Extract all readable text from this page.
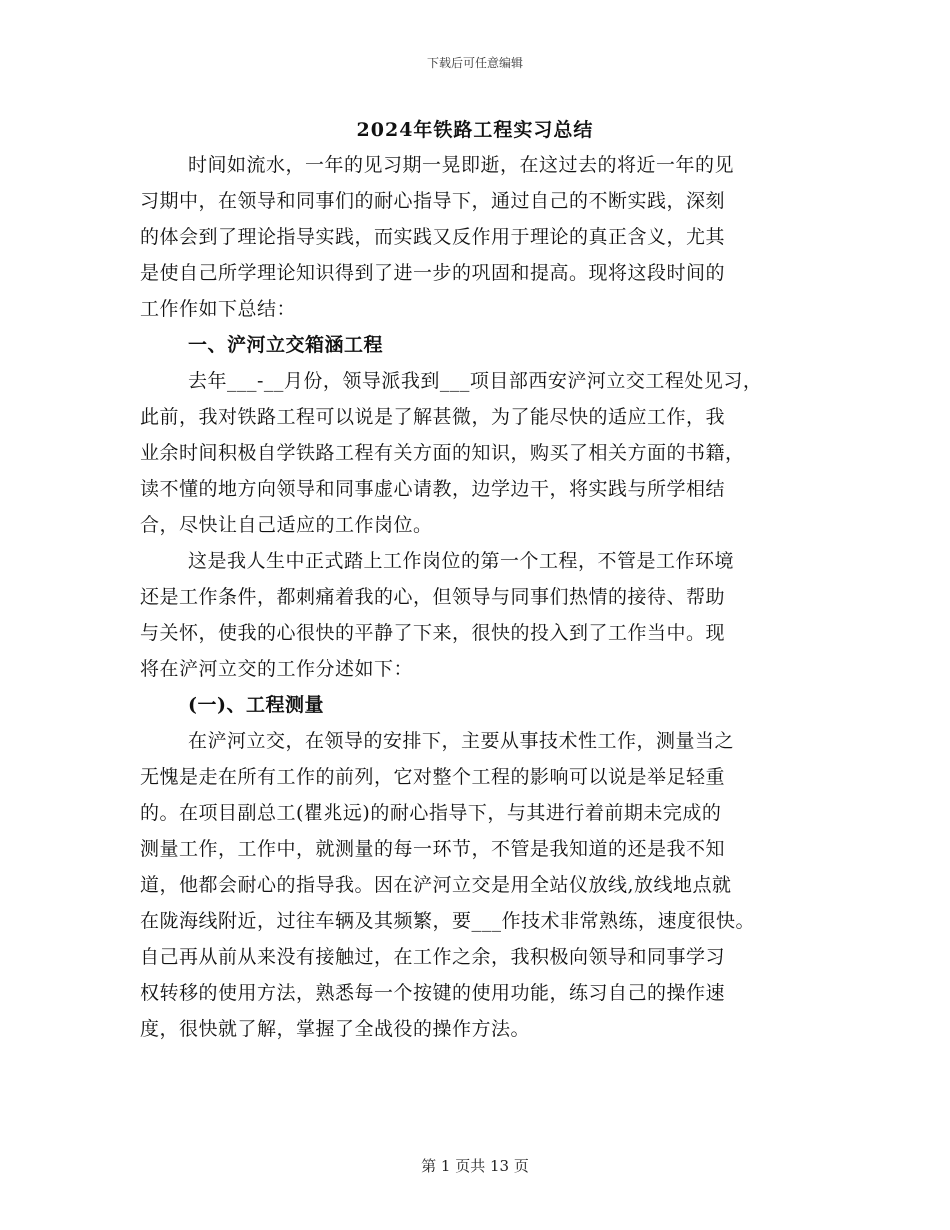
下载后可任意编辑
2024年铁路工程实习总结
时间如流水，一年的见习期一晃即逝，在这过去的将近一年的见
习期中，在领导和同事们的耐心指导下，通过自己的不断实践，深刻
的体会到了理论指导实践，而实践又反作用于理论的真正含义，尤其
是使自己所学理论知识得到了进一步的巩固和提高。现将这段时间的
工作作如下总结：
一、浐河立交箱涵工程
去年___-__月份，领导派我到___项目部西安浐河立交工程处见习，
此前，我对铁路工程可以说是了解甚微，为了能尽快的适应工作，我
业余时间积极自学铁路工程有关方面的知识，购买了相关方面的书籍，
读不懂的地方向领导和同事虚心请教，边学边干，将实践与所学相结
合，尽快让自己适应的工作岗位。
这是我人生中正式踏上工作岗位的第一个工程，不管是工作环境
还是工作条件，都刺痛着我的心，但领导与同事们热情的接待、帮助
与关怀，使我的心很快的平静了下来，很快的投入到了工作当中。现
将在浐河立交的工作分述如下：
(一)、工程测量
在浐河立交，在领导的安排下，主要从事技术性工作，测量当之
无愧是走在所有工作的前列，它对整个工程的影响可以说是举足轻重
的。在项目副总工(瞿兆远)的耐心指导下，与其进行着前期未完成的
测量工作，工作中，就测量的每一环节，不管是我知道的还是我不知
道，他都会耐心的指导我。因在浐河立交是用全站仪放线,放线地点就
在陇海线附近，过往车辆及其频繁，要___作技术非常熟练，速度很快。
自己再从前从来没有接触过，在工作之余，我积极向领导和同事学习
权转移的使用方法，熟悉每一个按键的使用功能，练习自己的操作速
度，很快就了解，掌握了全战役的操作方法。
第 1 页共 13 页
